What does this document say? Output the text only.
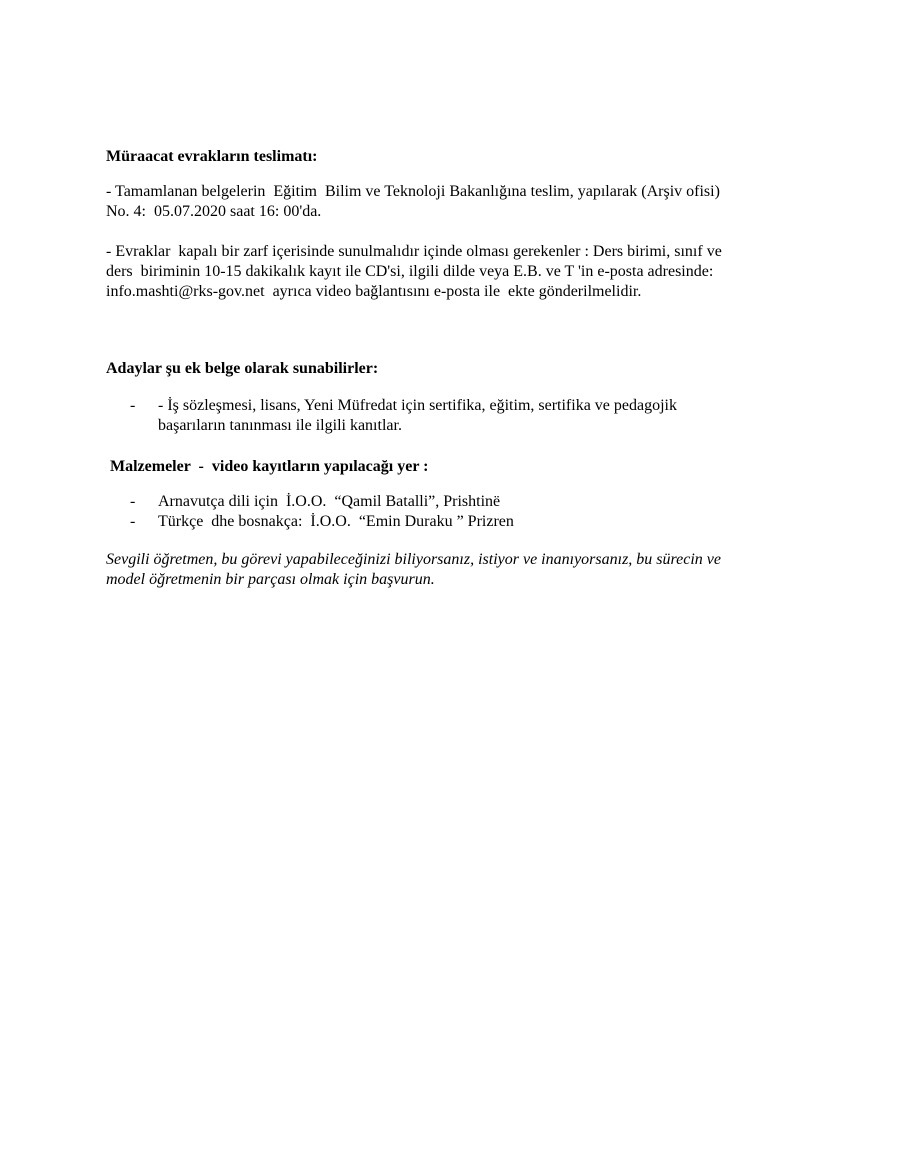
Müraacat evrakların teslimatı:
- Tamamlanan belgelerin  Eğitim  Bilim ve Teknoloji Bakanlığına teslim, yapılarak (Arşiv ofisi)
No. 4:  05.07.2020 saat 16: 00'da.
- Evraklar  kapalı bir zarf içerisinde sunulmalıdır içinde olması gerekenler : Ders birimi, sınıf ve
ders  biriminin 10-15 dakikalık kayıt ile CD'si, ilgili dilde veya E.B. ve T 'in e-posta adresinde:
info.mashti@rks-gov.net  ayrıca video bağlantısını e-posta ile  ekte gönderilmelidir.
Adaylar şu ek belge olarak sunabilirler:
- - İş sözleşmesi, lisans, Yeni Müfredat için sertifika, eğitim, sertifika ve pedagojik
başarıların tanınması ile ilgili kanıtlar.
Malzemeler  -  video kayıtların yapılacağı yer :
- Arnavutça dili için  İ.O.O.  “Qamil Batalli”, Prishtinë
- Türkçe  dhe bosnakça:  İ.O.O.  “Emin Duraku ” Prizren
Sevgili öğretmen, bu görevi yapabileceğinizi biliyorsanız, istiyor ve inanıyorsanız, bu sürecin ve
model öğretmenin bir parçası olmak için başvurun.
